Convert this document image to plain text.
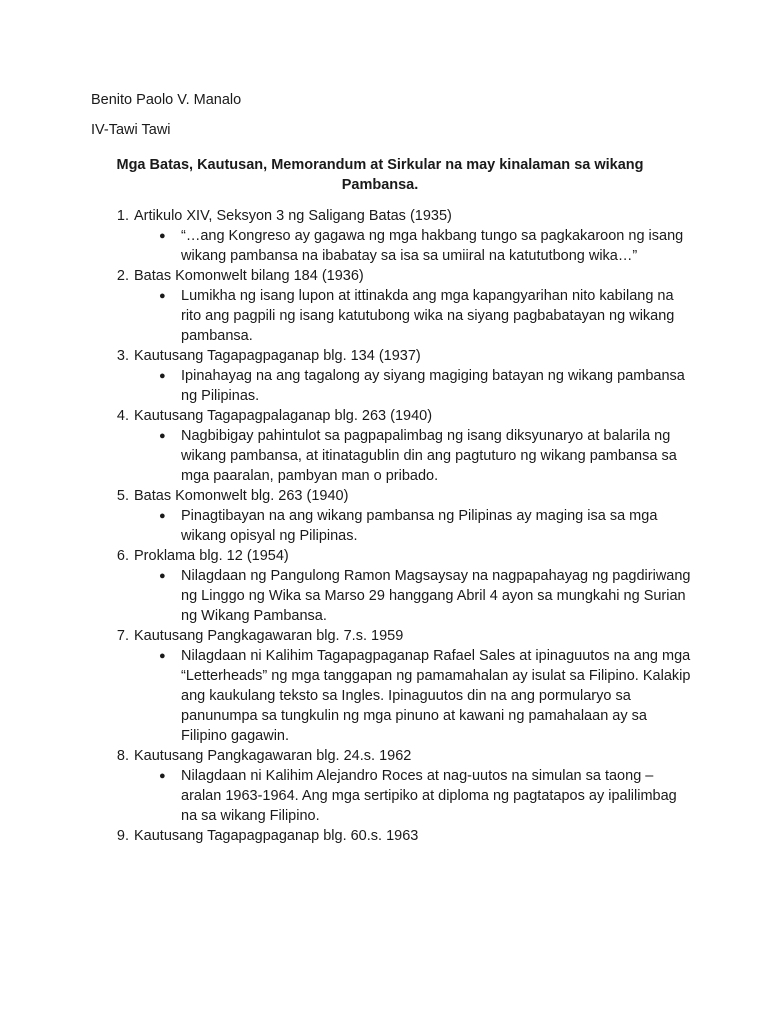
Benito Paolo V. Manalo
IV-Tawi Tawi
Mga Batas, Kautusan, Memorandum at Sirkular na may kinalaman sa wikang Pambansa.
1. Artikulo XIV, Seksyon 3 ng Saligang Batas (1935)
● “…ang Kongreso ay gagawa ng mga hakbang tungo sa pagkakaroon ng isang wikang pambansa na ibabatay sa isa sa umiiral na katututbong wika…”
2. Batas Komonwelt bilang 184 (1936)
● Lumikha ng isang lupon at ittinakda ang mga kapangyarihan nito kabilang na rito ang pagpili ng isang katutubong wika na siyang pagbabatayan ng wikang pambansa.
3. Kautusang Tagapagpaganap blg. 134 (1937)
● Ipinahayag na ang tagalong ay siyang magiging batayan ng wikang pambansa ng Pilipinas.
4. Kautusang Tagapagpalaganap blg. 263 (1940)
● Nagbibigay pahintulot sa pagpapalimbag ng isang diksyunaryo at balarila ng wikang pambansa, at itinatagublin din ang pagtuturo ng wikang pambansa sa mga paaralan, pambyan man o pribado.
5. Batas Komonwelt blg. 263 (1940)
● Pinagtibayan na ang wikang pambansa ng Pilipinas ay maging isa sa mga wikang opisyal ng Pilipinas.
6. Proklama blg. 12 (1954)
● Nilagdaan ng Pangulong Ramon Magsaysay na nagpapahayag ng pagdiriwang ng Linggo ng Wika sa Marso 29 hanggang Abril 4 ayon sa mungkahi ng Surian ng Wikang Pambansa.
7. Kautusang Pangkagawaran blg. 7.s. 1959
● Nilagdaan ni Kalihim Tagapagpaganap Rafael Sales at ipinaguutos na ang mga “Letterheads” ng mga tanggapan ng pamamahalan ay isulat sa Filipino. Kalakip ang kaukulang teksto sa Ingles. Ipinaguutos din na ang pormularyo sa panunumpa sa tungkulin ng mga pinuno at kawani ng pamahalaan ay sa Filipino gagawin.
8. Kautusang Pangkagawaran blg. 24.s. 1962
● Nilagdaan ni Kalihim Alejandro Roces at nag-uutos na simulan sa taong – aralan 1963-1964. Ang mga sertipiko at diploma ng pagtatapos ay ipalilimbag na sa wikang Filipino.
9. Kautusang Tagapagpaganap blg. 60.s. 1963
